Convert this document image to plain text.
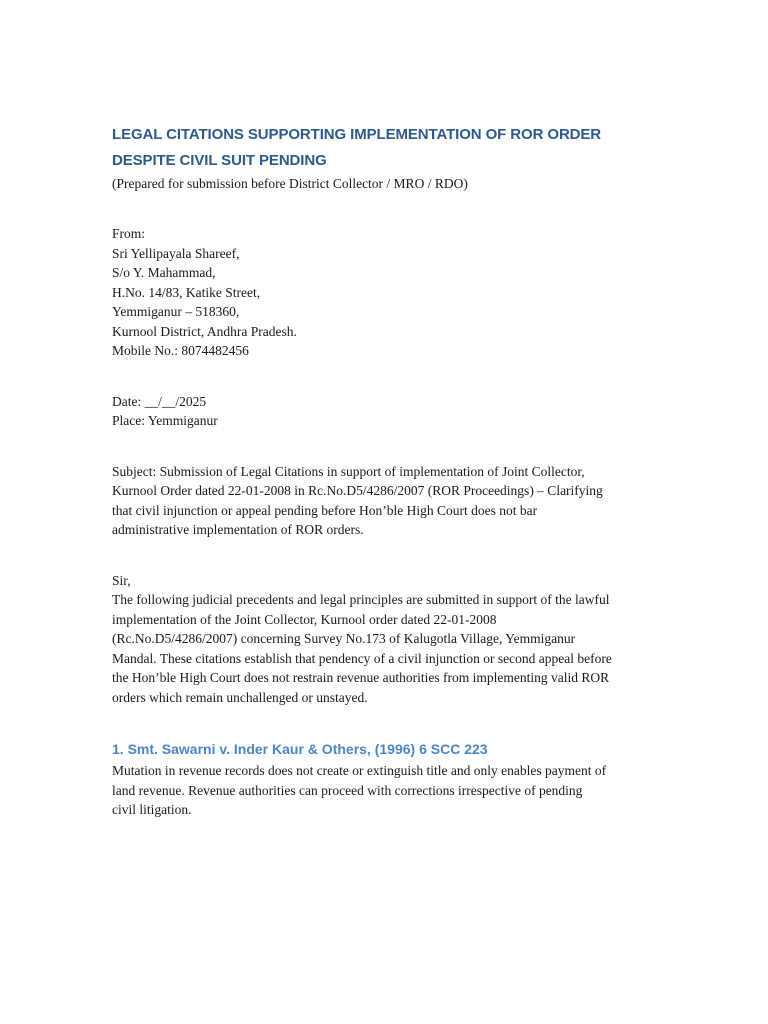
LEGAL CITATIONS SUPPORTING IMPLEMENTATION OF ROR ORDER
DESPITE CIVIL SUIT PENDING
(Prepared for submission before District Collector / MRO / RDO)
From:
Sri Yellipayala Shareef,
S/o Y. Mahammad,
H.No. 14/83, Katike Street,
Yemmiganur – 518360,
Kurnool District, Andhra Pradesh.
Mobile No.: 8074482456
Date: __/__/2025
Place: Yemmiganur
Subject: Submission of Legal Citations in support of implementation of Joint Collector,
Kurnool Order dated 22-01-2008 in Rc.No.D5/4286/2007 (ROR Proceedings) – Clarifying
that civil injunction or appeal pending before Hon’ble High Court does not bar
administrative implementation of ROR orders.
Sir,
The following judicial precedents and legal principles are submitted in support of the lawful
implementation of the Joint Collector, Kurnool order dated 22-01-2008
(Rc.No.D5/4286/2007) concerning Survey No.173 of Kalugotla Village, Yemmiganur
Mandal. These citations establish that pendency of a civil injunction or second appeal before
the Hon’ble High Court does not restrain revenue authorities from implementing valid ROR
orders which remain unchallenged or unstayed.
1. Smt. Sawarni v. Inder Kaur & Others, (1996) 6 SCC 223
Mutation in revenue records does not create or extinguish title and only enables payment of
land revenue. Revenue authorities can proceed with corrections irrespective of pending
civil litigation.
